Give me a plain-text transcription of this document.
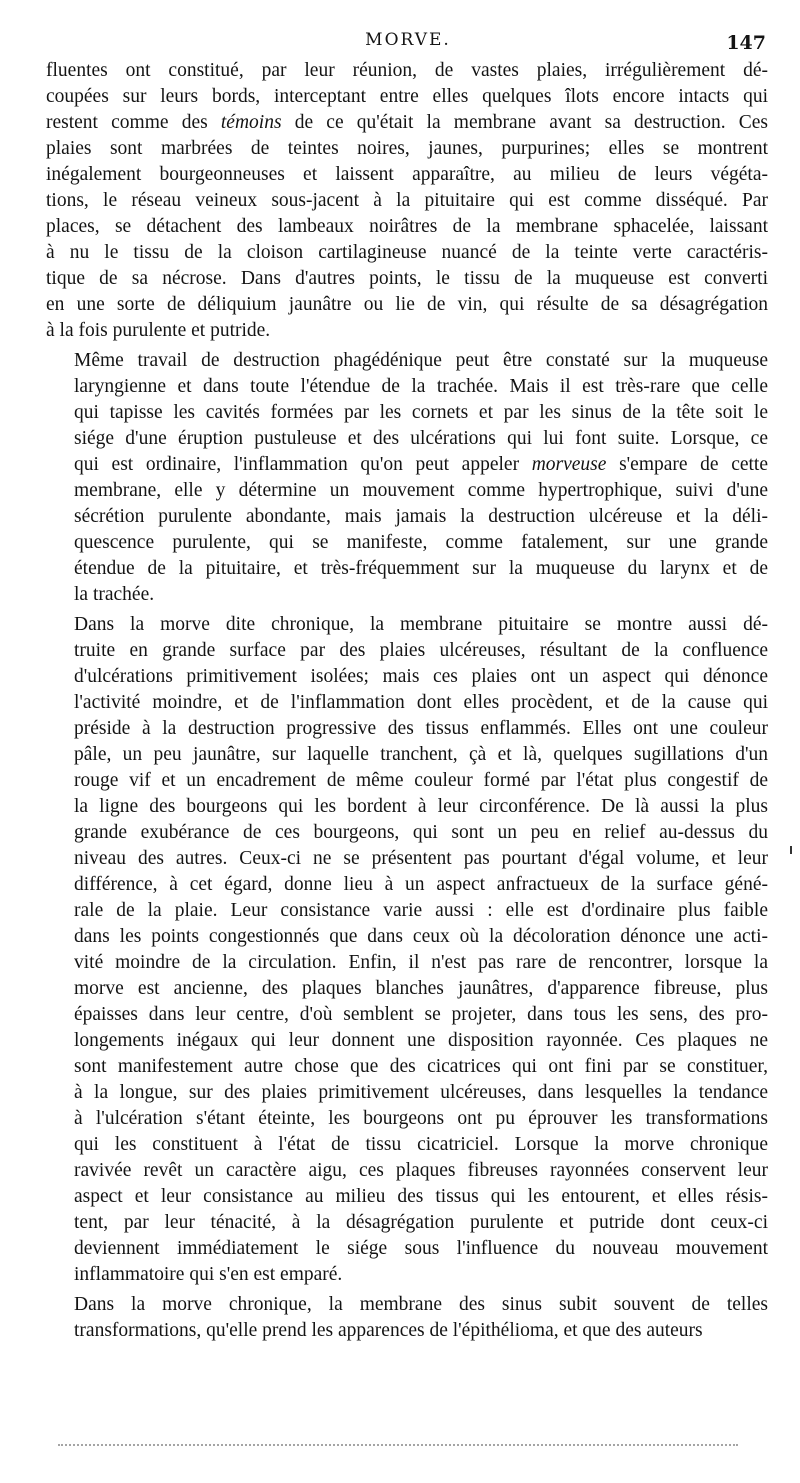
MORVE.	147
fluentes ont constitué, par leur réunion, de vastes plaies, irrégulièrement dé-
coupées sur leurs bords, interceptant entre elles quelques îlots encore intacts qui
restent comme des témoins de ce qu'était la membrane avant sa destruction. Ces
plaies sont marbrées de teintes noires, jaunes, purpurines; elles se montrent
inégalement bourgeonneuses et laissent apparaître, au milieu de leurs végéta-
tions, le réseau veineux sous-jacent à la pituitaire qui est comme disséqué. Par
places, se détachent des lambeaux noirâtres de la membrane sphacelée, laissant
à nu le tissu de la cloison cartilagineuse nuancé de la teinte verte caractéris-
tique de sa nécrose. Dans d'autres points, le tissu de la muqueuse est converti
en une sorte de déliquium jaunâtre ou lie de vin, qui résulte de sa désagrégation
à la fois purulente et putride.
Même travail de destruction phagédénique peut être constaté sur la muqueuse
laryngienne et dans toute l'étendue de la trachée. Mais il est très-rare que celle
qui tapisse les cavités formées par les cornets et par les sinus de la tête soit le
siége d'une éruption pustuleuse et des ulcérations qui lui font suite. Lorsque, ce
qui est ordinaire, l'inflammation qu'on peut appeler morveuse s'empare de cette
membrane, elle y détermine un mouvement comme hypertrophique, suivi d'une
sécrétion purulente abondante, mais jamais la destruction ulcéreuse et la déli-
quescence purulente, qui se manifeste, comme fatalement, sur une grande
étendue de la pituitaire, et très-fréquemment sur la muqueuse du larynx et de
la trachée.
Dans la morve dite chronique, la membrane pituitaire se montre aussi dé-
truite en grande surface par des plaies ulcéreuses, résultant de la confluence
d'ulcérations primitivement isolées; mais ces plaies ont un aspect qui dénonce
l'activité moindre, et de l'inflammation dont elles procèdent, et de la cause qui
préside à la destruction progressive des tissus enflammés. Elles ont une couleur
pâle, un peu jaunâtre, sur laquelle tranchent, çà et là, quelques sugillations d'un
rouge vif et un encadrement de même couleur formé par l'état plus congestif de
la ligne des bourgeons qui les bordent à leur circonférence. De là aussi la plus
grande exubérance de ces bourgeons, qui sont un peu en relief au-dessus du
niveau des autres. Ceux-ci ne se présentent pas pourtant d'égal volume, et leur
différence, à cet égard, donne lieu à un aspect anfractueux de la surface géné-
rale de la plaie. Leur consistance varie aussi : elle est d'ordinaire plus faible
dans les points congestionnés que dans ceux où la décoloration dénonce une acti-
vité moindre de la circulation. Enfin, il n'est pas rare de rencontrer, lorsque la
morve est ancienne, des plaques blanches jaunâtres, d'apparence fibreuse, plus
épaisses dans leur centre, d'où semblent se projeter, dans tous les sens, des pro-
longements inégaux qui leur donnent une disposition rayonnée. Ces plaques ne
sont manifestement autre chose que des cicatrices qui ont fini par se constituer,
à la longue, sur des plaies primitivement ulcéreuses, dans lesquelles la tendance
à l'ulcération s'étant éteinte, les bourgeons ont pu éprouver les transformations
qui les constituent à l'état de tissu cicatriciel. Lorsque la morve chronique
ravivée revêt un caractère aigu, ces plaques fibreuses rayonnées conservent leur
aspect et leur consistance au milieu des tissus qui les entourent, et elles résis-
tent, par leur ténacité, à la désagrégation purulente et putride dont ceux-ci
deviennent immédiatement le siége sous l'influence du nouveau mouvement
inflammatoire qui s'en est emparé.
Dans la morve chronique, la membrane des sinus subit souvent de telles
transformations, qu'elle prend les apparences de l'épithélioma, et que des auteurs
